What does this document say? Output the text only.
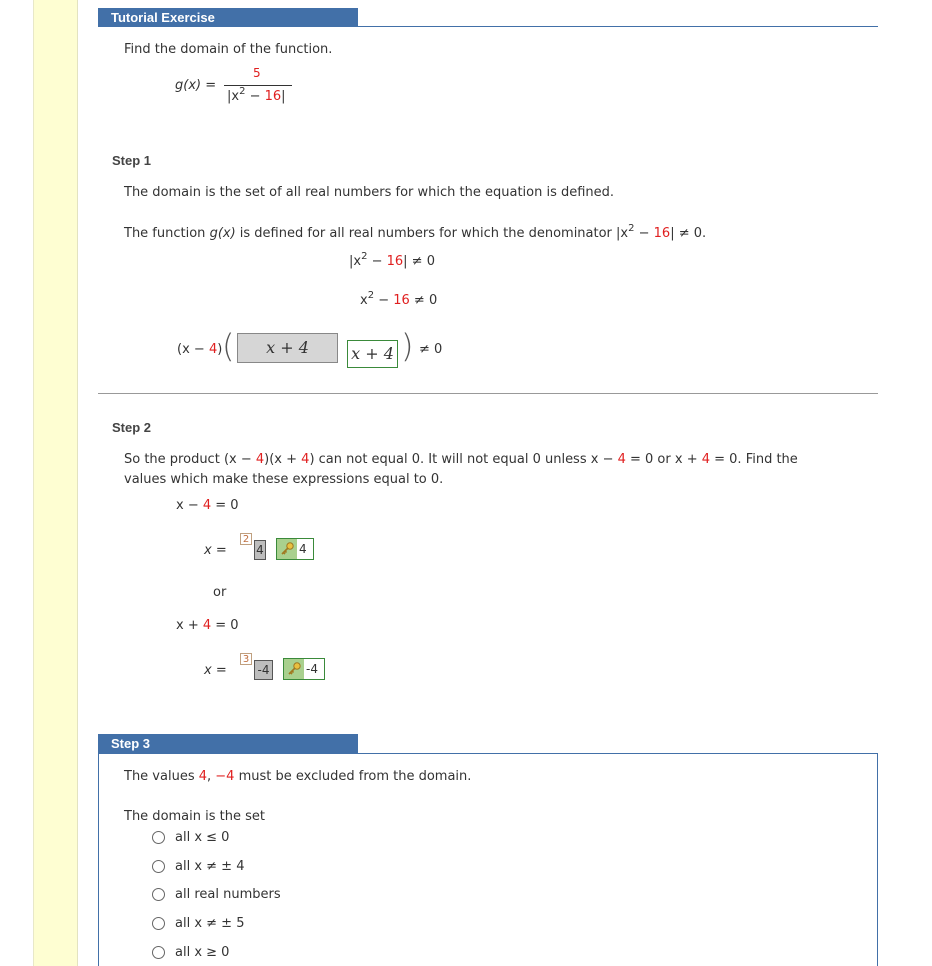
Tutorial Exercise
Find the domain of the function.
g(x) =
5
$|x^2 - 16|$
Step 1
The domain is the set of all real numbers for which the equation is defined.
The function g(x) is defined for all real numbers for which the denominator $|x^2 - 16| \ne 0$.
$|x^2 - 16| \ne 0$
$x^2 - 16 \ne 0$
(x − 4) (	x + 4	x + 4 ) ≠ 0
Step 2
So the product (x − 4)(x + 4) can not equal 0. It will not equal 0 unless x − 4 = 0 or x + 4 = 0. Find the
values which make these expressions equal to 0.
x − 4 = 0
x =
2
4	4
or
x + 4 = 0
x =
3
-4	-4
Step 3
The values 4, −4 must be excluded from the domain.
The domain is the set
all x ≤ 0
all x ≠ ± 4
all real numbers
all x ≠ ± 5
all x ≥ 0
